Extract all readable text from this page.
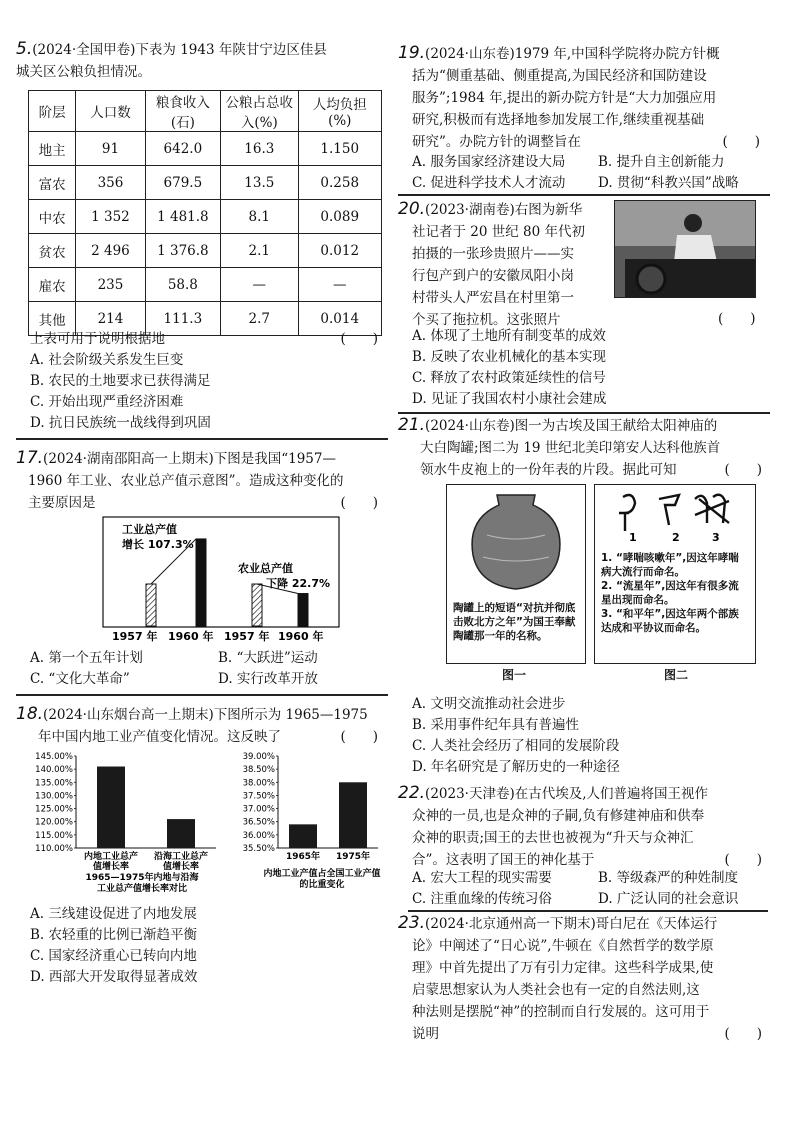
5.(2024·全国甲卷)下表为 1943 年陕甘宁边区佳县
城关区公粮负担情况。
阶层	人口数	粮食收入(石)	公粮占总收入(%)	人均负担(%)
地主	91	642.0	16.3	1.150
富农	356	679.5	13.5	0.258
中农	1 352	1 481.8	8.1	0.089
贫农	2 496	1 376.8	2.1	0.012
雇农	235	58.8	—	—
其他	214	111.3	2.7	0.014
上表可用于说明根据地	(　　)
A. 社会阶级关系发生巨变
B. 农民的土地要求已获得满足
C. 开始出现严重经济困难
D. 抗日民族统一战线得到巩固
17.(2024·湖南邵阳高一上期末)下图是我国“1957—
1960 年工业、农业总产值示意图”。造成这种变化的
主要原因是	(　　)
工业总产值
增长 107.3%
农业总产值
下降 22.7%
1957 年 1960 年 1957 年 1960 年
A. 第一个五年计划	B. “大跃进”运动
C. “文化大革命”	D. 实行改革开放
18.(2024·山东烟台高一上期末)下图所示为 1965—1975
年中国内地工业产值变化情况。这反映了	(　　)
110.00%
115.00%
120.00%
125.00%
130.00%
135.00%
140.00%
145.00%
内地工业总产
值增长率
沿海工业总产
值增长率
1965—1975年内地与沿海
工业总产值增长率对比
35.50%
36.00%
36.50%
37.00%
37.50%
38.00%
38.50%
39.00%
1965年 1975年
内地工业产值占全国工业产值
的比重变化
A. 三线建设促进了内地发展
B. 农轻重的比例已渐趋平衡
C. 国家经济重心已转向内地
D. 西部大开发取得显著成效
19.(2024·山东卷)1979 年,中国科学院将办院方针概
括为“侧重基础、侧重提高,为国民经济和国防建设
服务”;1984 年,提出的新办院方针是“大力加强应用
研究,积极而有选择地参加发展工作,继续重视基础
研究”。办院方针的调整旨在	(　　)
A. 服务国家经济建设大局	B. 提升自主创新能力
C. 促进科学技术人才流动	D. 贯彻“科教兴国”战略
20.(2023·湖南卷)右图为新华
社记者于 20 世纪 80 年代初
拍摄的一张珍贵照片——实
行包产到户的安徽凤阳小岗
村带头人严宏昌在村里第一
个买了拖拉机。这张照片	(　　)
A. 体现了土地所有制变革的成效
B. 反映了农业机械化的基本实现
C. 释放了农村政策延续性的信号
D. 见证了我国农村小康社会建成
21.(2024·山东卷)图一为古埃及国王献给太阳神庙的
大白陶罐;图二为 19 世纪北美印第安人达科他族首
领水牛皮袍上的一份年表的片段。据此可知	(　　)
陶罐上的短语“对抗并彻底击败北方之年”为国王奉献陶罐那一年的名称。
1	2	3
1. “哮喘咳嗽年”,因这年哮喘病大流行而命名。
2. “流星年”,因这年有很多流星出现而命名。
3. “和平年”,因这年两个部族达成和平协议而命名。
图一	图二
A. 文明交流推动社会进步
B. 采用事件纪年具有普遍性
C. 人类社会经历了相同的发展阶段
D. 年名研究是了解历史的一种途径
22.(2023·天津卷)在古代埃及,人们普遍将国王视作
众神的一员,也是众神的子嗣,负有修建神庙和供奉
众神的职责;国王的去世也被视为“升天与众神汇
合”。这表明了国王的神化基于	(　　)
A. 宏大工程的现实需要	B. 等级森严的种姓制度
C. 注重血缘的传统习俗	D. 广泛认同的社会意识
23.(2024·北京通州高一下期末)哥白尼在《天体运行
论》中阐述了“日心说”,牛顿在《自然哲学的数学原
理》中首先提出了万有引力定律。这些科学成果,使
启蒙思想家认为人类社会也有一定的自然法则,这
种法则是摆脱“神”的控制而自行发展的。这可用于
说明	(　　)
